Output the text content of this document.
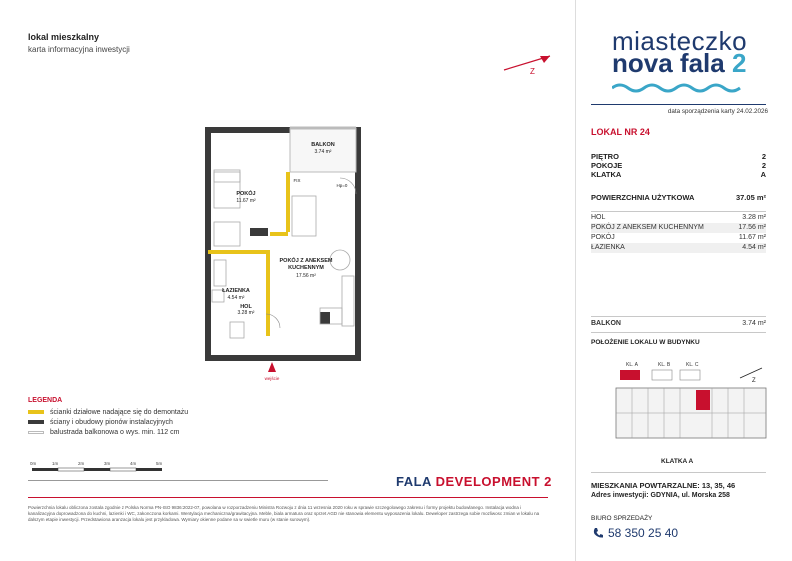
lokal mieszkalny
karta informacyjna inwestycji
Z
miasteczko
nova fala 2
data sporządzenia karty 24.02.2026
LOKAL NR 24
PIĘTRO	2
POKOJE	2
KLATKA	A
POWIERZCHNIA UŻYTKOWA	37.05 m²
HOL	3.28 m²
POKÓJ Z ANEKSEM KUCHENNYM	17.56 m²
POKÓJ	11.67 m²
ŁAZIENKA	4.54 m²
BALKON	3.74 m²
POŁOŻENIE LOKALU W BUDYNKU
KL. A	KL. B	KL. C
Z
KLATKA A
MIESZKANIA POWTARZALNE: 13, 35, 46
Adres inwestycji: GDYNIA, ul. Morska 258
BIURO SPRZEDAŻY
58 350 25 40
BALKON
3.74 m²
POKÓJ
11.67 m²
POKÓJ Z ANEKSEM
KUCHENNYM
17.56 m²
ŁAZIENKA
4.54 m²
HOL
3.28 m²
FIX
Hp=0
wejście
LEGENDA
ścianki działowe nadające się do demontażu
ściany i obudowy pionów instalacyjnych
balustrada balkonowa o wys. min. 112 cm
0m	1m	2m	3m	4m	5m
FALA DEVELOPMENT 2
Powierzchnia lokalu obliczona zostala zgodnie z Polska Norma PN-ISO 9836:2022-07, powolana w rozporzadzeniu Ministra Rozwoju z dnia 11 wrzesnia 2020 roku w sprawie szczegolowego zakresu i formy projektu budowlanego. Instalacja wodna i kanalizacyjna doprowadzona do kuchni, lazienki i WC, zakonczona korkami. Wentylacja mechaniczna/grawitacyjna. Meble, biala armatura oraz sprzet AGD nie stanowia elementu wyposazenia lokalu. Deweloper zastrzega sobie mozliwosc zmian w lokalu na dalszym etapie inwestycji. Przedstawiona aranzacja lokalu jest przykladowa. Wymiary okienne podane sa w swietle muru (w stanie surowym).
